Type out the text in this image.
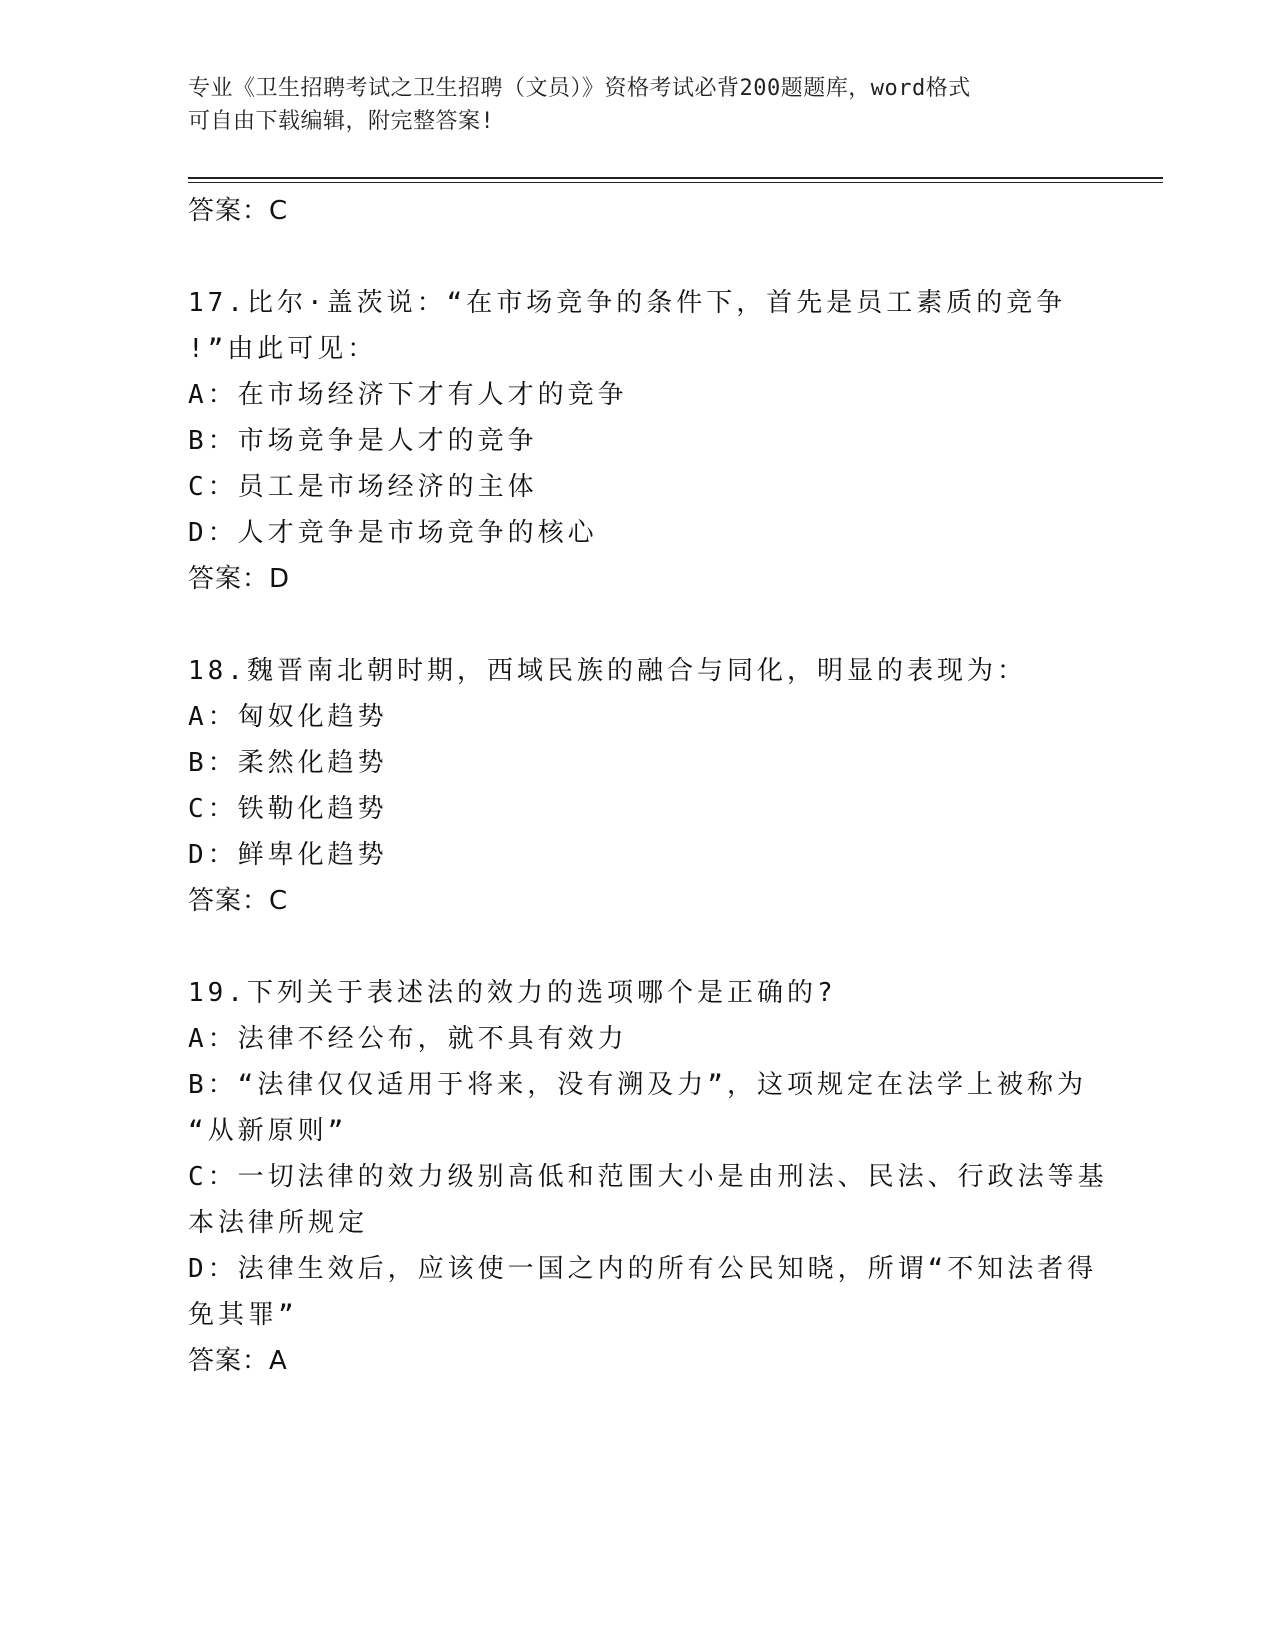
专业《卫生招聘考试之卫生招聘（文员）》资格考试必背200题题库，word格式
可自由下载编辑，附完整答案!
答案：C
17.比尔·盖茨说：“在市场竞争的条件下，首先是员工素质的竞争
!”由此可见：
A：在市场经济下才有人才的竞争
B：市场竞争是人才的竞争
C：员工是市场经济的主体
D：人才竞争是市场竞争的核心
答案：D
18.魏晋南北朝时期，西域民族的融合与同化，明显的表现为：
A：匈奴化趋势
B：柔然化趋势
C：铁勒化趋势
D：鲜卑化趋势
答案：C
19.下列关于表述法的效力的选项哪个是正确的?
A：法律不经公布，就不具有效力
B：“法律仅仅适用于将来，没有溯及力”，这项规定在法学上被称为
“从新原则”
C：一切法律的效力级别高低和范围大小是由刑法、民法、行政法等基
本法律所规定
D：法律生效后，应该使一国之内的所有公民知晓，所谓“不知法者得
免其罪”
答案：A
